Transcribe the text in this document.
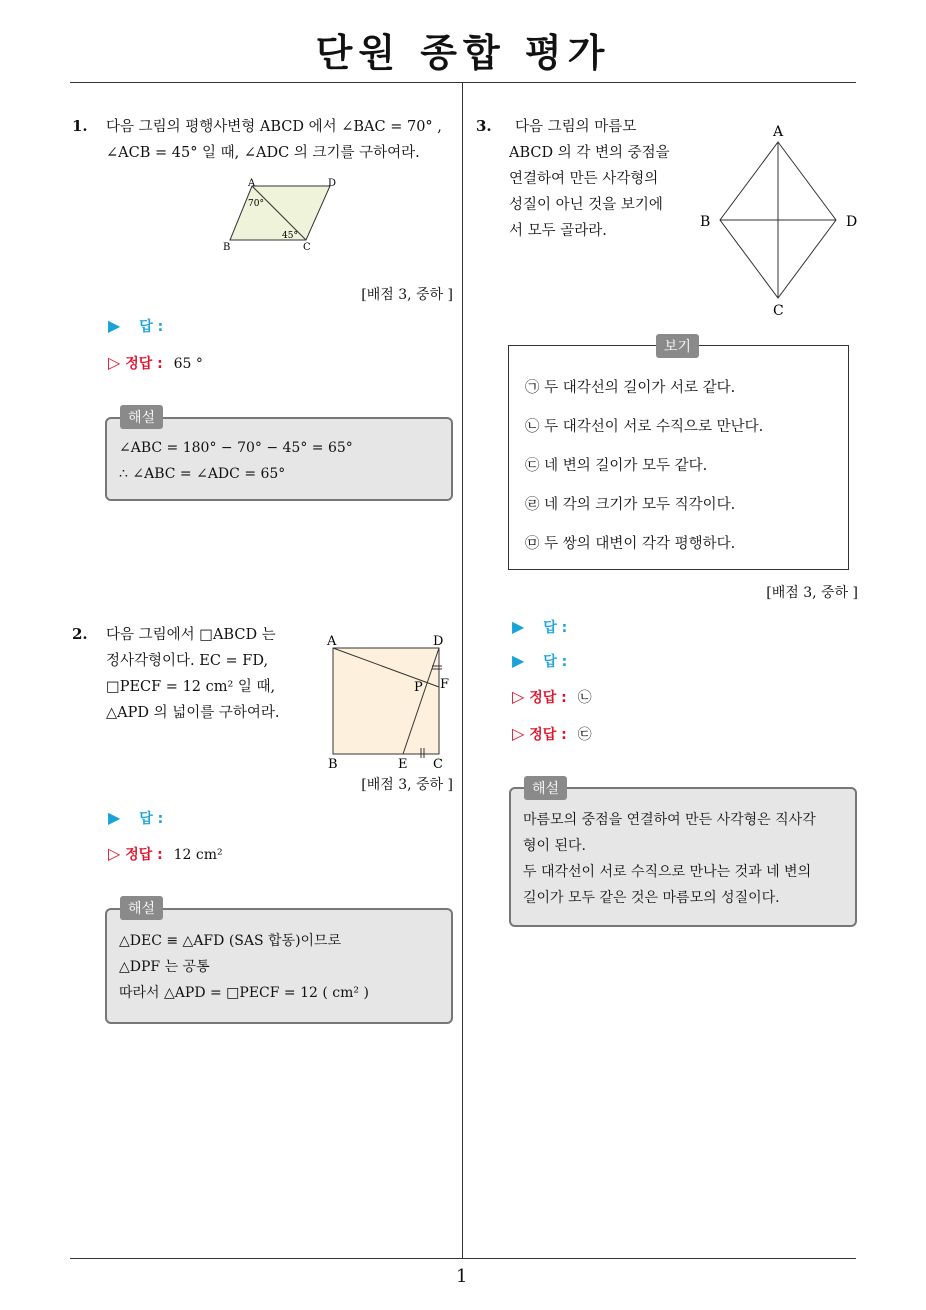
단원 종합 평가
1. 다음 그림의 평행사변형 ABCD 에서 ∠BAC = 70° ,
∠ACB = 45° 일 때, ∠ADC 의 크기를 구하여라.
A	D
B	C
70°
45°
[배점 3, 중하 ]
▶ 답 :
▷ 정답 : 65 °
∠ABC = 180° − 70° − 45° = 65°
∴ ∠ABC = ∠ADC = 65°
해설
2. 다음 그림에서 □ABCD 는
정사각형이다. EC = FD,
□PECF = 12 cm² 일 때,
△APD 의 넓이를 구하여라.
A	D
B	C
E
F
P
[배점 3, 중하 ]
▶ 답 :
▷ 정답 : 12 cm²
△DEC ≡ △AFD (SAS 합동)이므로
△DPF 는 공통
따라서 △APD = □PECF = 12 ( cm² )
해설
3. 다음 그림의 마름모
ABCD 의 각 변의 중점을
연결하여 만든 사각형의
성질이 아닌 것을 보기에
서 모두 골라라.
A
B	D
C
㉠ 두 대각선의 길이가 서로 같다.
㉡ 두 대각선이 서로 수직으로 만난다.
㉢ 네 변의 길이가 모두 같다.
㉣ 네 각의 크기가 모두 직각이다.
㉤ 두 쌍의 대변이 각각 평행하다.
보기
[배점 3, 중하 ]
▶ 답 :
▶ 답 :
▷ 정답 : ㉡
▷ 정답 : ㉢
마름모의 중점을 연결하여 만든 사각형은 직사각
형이 된다.
두 대각선이 서로 수직으로 만나는 것과 네 변의
길이가 모두 같은 것은 마름모의 성질이다.
해설
1
